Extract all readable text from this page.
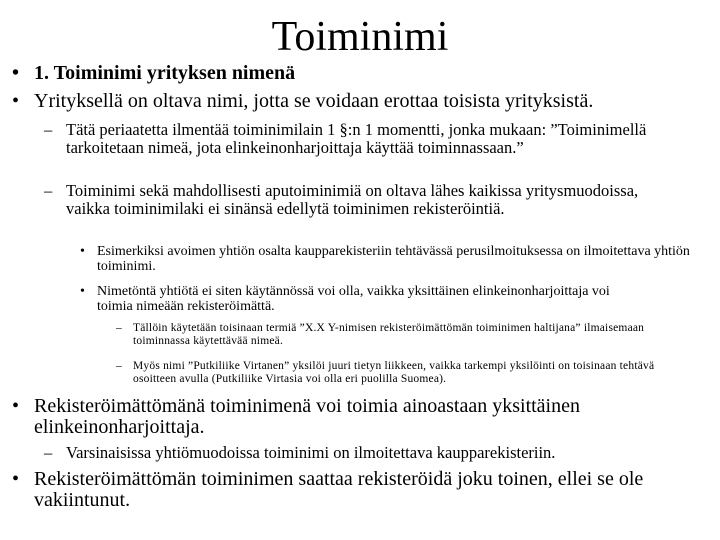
Toiminimi
• 1. Toiminimi yrityksen nimenä
• Yrityksellä on oltava nimi, jotta se voidaan erottaa toisista yrityksistä.
– Tätä periaatetta ilmentää toiminimilain 1 §:n 1 momentti, jonka mukaan: ”Toiminimellä tarkoitetaan nimeä, jota elinkeinonharjoittaja käyttää toiminnassaan.”
– Toiminimi sekä mahdollisesti aputoiminimiä on oltava lähes kaikissa yritysmuodoissa, vaikka toiminimilaki ei sinänsä edellytä toiminimen rekisteröintiä.
• Esimerkiksi avoimen yhtiön osalta kaupparekisteriin tehtävässä perusilmoituksessa on ilmoitettava yhtiön toiminimi.
• Nimetöntä yhtiötä ei siten käytännössä voi olla, vaikka yksittäinen elinkeinonharjoittaja voi toimia nimeään rekisteröimättä.
– Tällöin käytetään toisinaan termiä ”X.X Y-nimisen rekisteröimättömän toiminimen haltijana” ilmaisemaan toiminnassa käytettävää nimeä.
– Myös nimi ”Putkiliike Virtanen” yksilöi juuri tietyn liikkeen, vaikka tarkempi yksilöinti on toisinaan tehtävä osoitteen avulla (Putkiliike Virtasia voi olla eri puolilla Suomea).
• Rekisteröimättömänä toiminimenä voi toimia ainoastaan yksittäinen elinkeinonharjoittaja.
– Varsinaisissa yhtiömuodoissa toiminimi on ilmoitettava kaupparekisteriin.
• Rekisteröimättömän toiminimen saattaa rekisteröidä joku toinen, ellei se ole vakiintunut.
